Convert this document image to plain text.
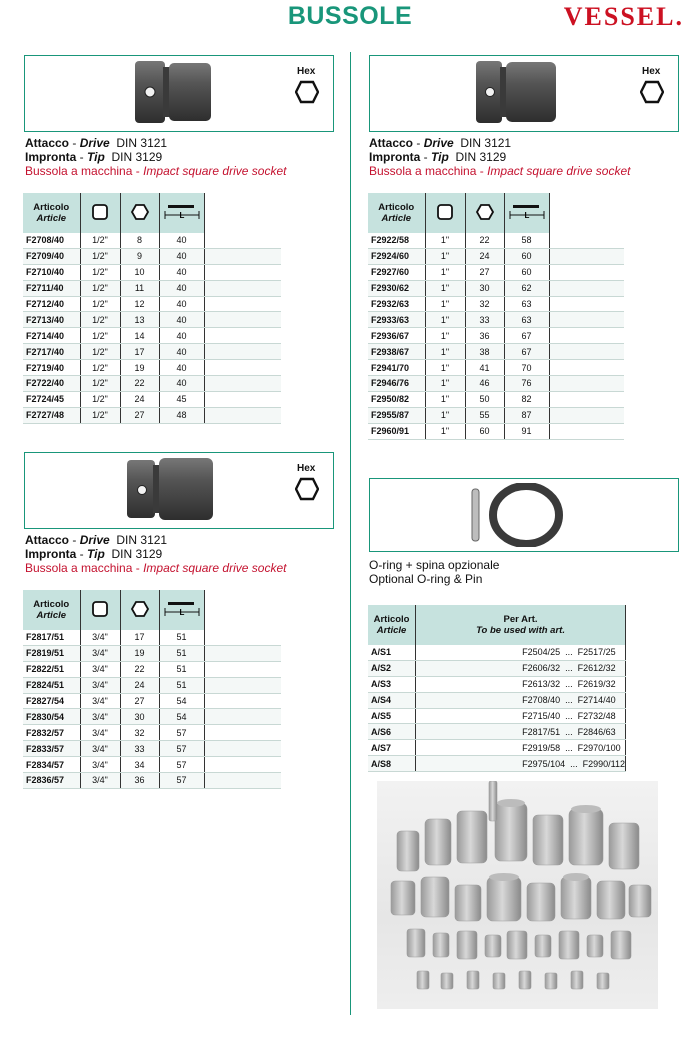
BUSSOLE	VESSEL.
Hex
Attacco - Drive DIN 3121
Impronta - Tip DIN 3129
Bussola a macchina - Impact square drive socket
Articolo
Article			L	

F2708/40	1/2"	8	40	
F2709/40	1/2"	9	40	
F2710/40	1/2"	10	40	
F2711/40	1/2"	11	40	
F2712/40	1/2"	12	40	
F2713/40	1/2"	13	40	
F2714/40	1/2"	14	40	
F2717/40	1/2"	17	40	
F2719/40	1/2"	19	40	
F2722/40	1/2"	22	40	
F2724/45	1/2"	24	45	
F2727/48	1/2"	27	48	
Hex
Attacco - Drive DIN 3121
Impronta - Tip DIN 3129
Bussola a macchina - Impact square drive socket
Articolo
Article			L	

F2922/58	1"	22	58	
F2924/60	1"	24	60	
F2927/60	1"	27	60	
F2930/62	1"	30	62	
F2932/63	1"	32	63	
F2933/63	1"	33	63	
F2936/67	1"	36	67	
F2938/67	1"	38	67	
F2941/70	1"	41	70	
F2946/76	1"	46	76	
F2950/82	1"	50	82	
F2955/87	1"	55	87	
F2960/91	1"	60	91	
Hex
Attacco - Drive DIN 3121
Impronta - Tip DIN 3129
Bussola a macchina - Impact square drive socket
Articolo
Article			L	

F2817/51	3/4"	17	51	
F2819/51	3/4"	19	51	
F2822/51	3/4"	22	51	
F2824/51	3/4"	24	51	
F2827/54	3/4"	27	54	
F2830/54	3/4"	30	54	
F2832/57	3/4"	32	57	
F2833/57	3/4"	33	57	
F2834/57	3/4"	34	57	
F2836/57	3/4"	36	57	
O-ring + spina opzionale
Optional O-ring & Pin
Articolo
Article	Per Art.
To be used with art.

A/S1	F2504/25  ...  F2517/25
A/S2	F2606/32  ...  F2612/32
A/S3	F2613/32  ...  F2619/32
A/S4	F2708/40  ...  F2714/40
A/S5	F2715/40  ...  F2732/48
A/S6	F2817/51  ...  F2846/63
A/S7	F2919/58  ...  F2970/100
A/S8	F2975/104  ...  F2990/112
